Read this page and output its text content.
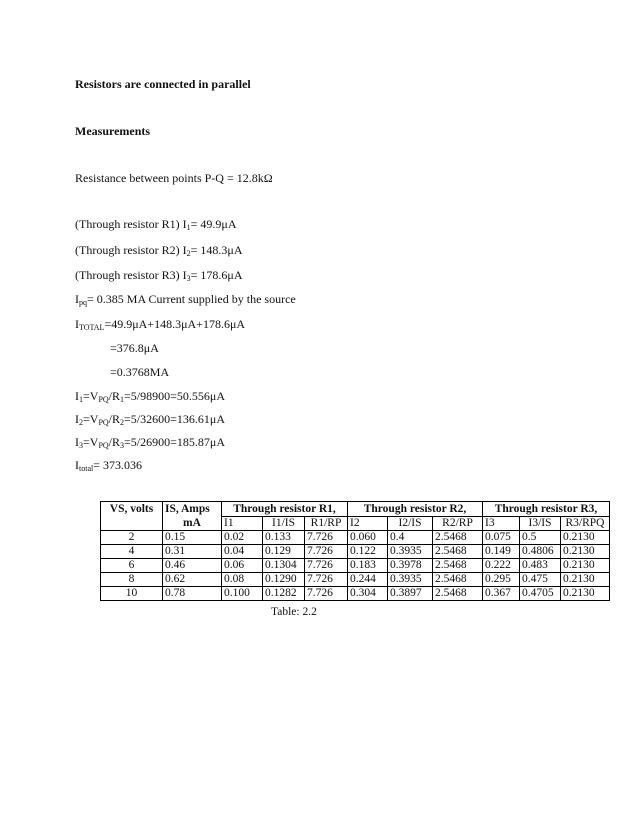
Resistors are connected in parallel
Measurements
Resistance between points P-Q = 12.8kΩ
(Through resistor R1) $I_1= 49.9\mu A$
(Through resistor R2) $I_2= 148.3\mu A$
(Through resistor R3) $I_3= 178.6\mu A$
$I_{pq}= 0.385$ MA Current supplied by the source
$I_{TOTAL}=49.9\mu A+148.3\mu A+178.6\mu A$
=376.8μA
=0.3768MA
$I_1=V_{PQ}/R_1=5/98900=50.556\mu A$
$I_2=V_{PQ}/R_2=5/32600=136.61\mu A$
$I_3=V_{PQ}/R_3=5/26900=185.87\mu A$
$I_{total}= 373.036$
VS, volts	IS, Amps	Through resistor R1,			Through resistor R2,			Through resistor R3,		
	mA	I1	I1/IS	R1/RP	I2	I2/IS	R2/RP	I3	I3/IS	R3/RPQ
2	0.15	0.02	0.133	7.726	0.060	0.4	2.5468	0.075	0.5	0.2130
4	0.31	0.04	0.129	7.726	0.122	0.3935	2.5468	0.149	0.4806	0.2130
6	0.46	0.06	0.1304	7.726	0.183	0.3978	2.5468	0.222	0.483	0.2130
8	0.62	0.08	0.1290	7.726	0.244	0.3935	2.5468	0.295	0.475	0.2130
10	0.78	0.100	0.1282	7.726	0.304	0.3897	2.5468	0.367	0.4705	0.2130
Table: 2.2
